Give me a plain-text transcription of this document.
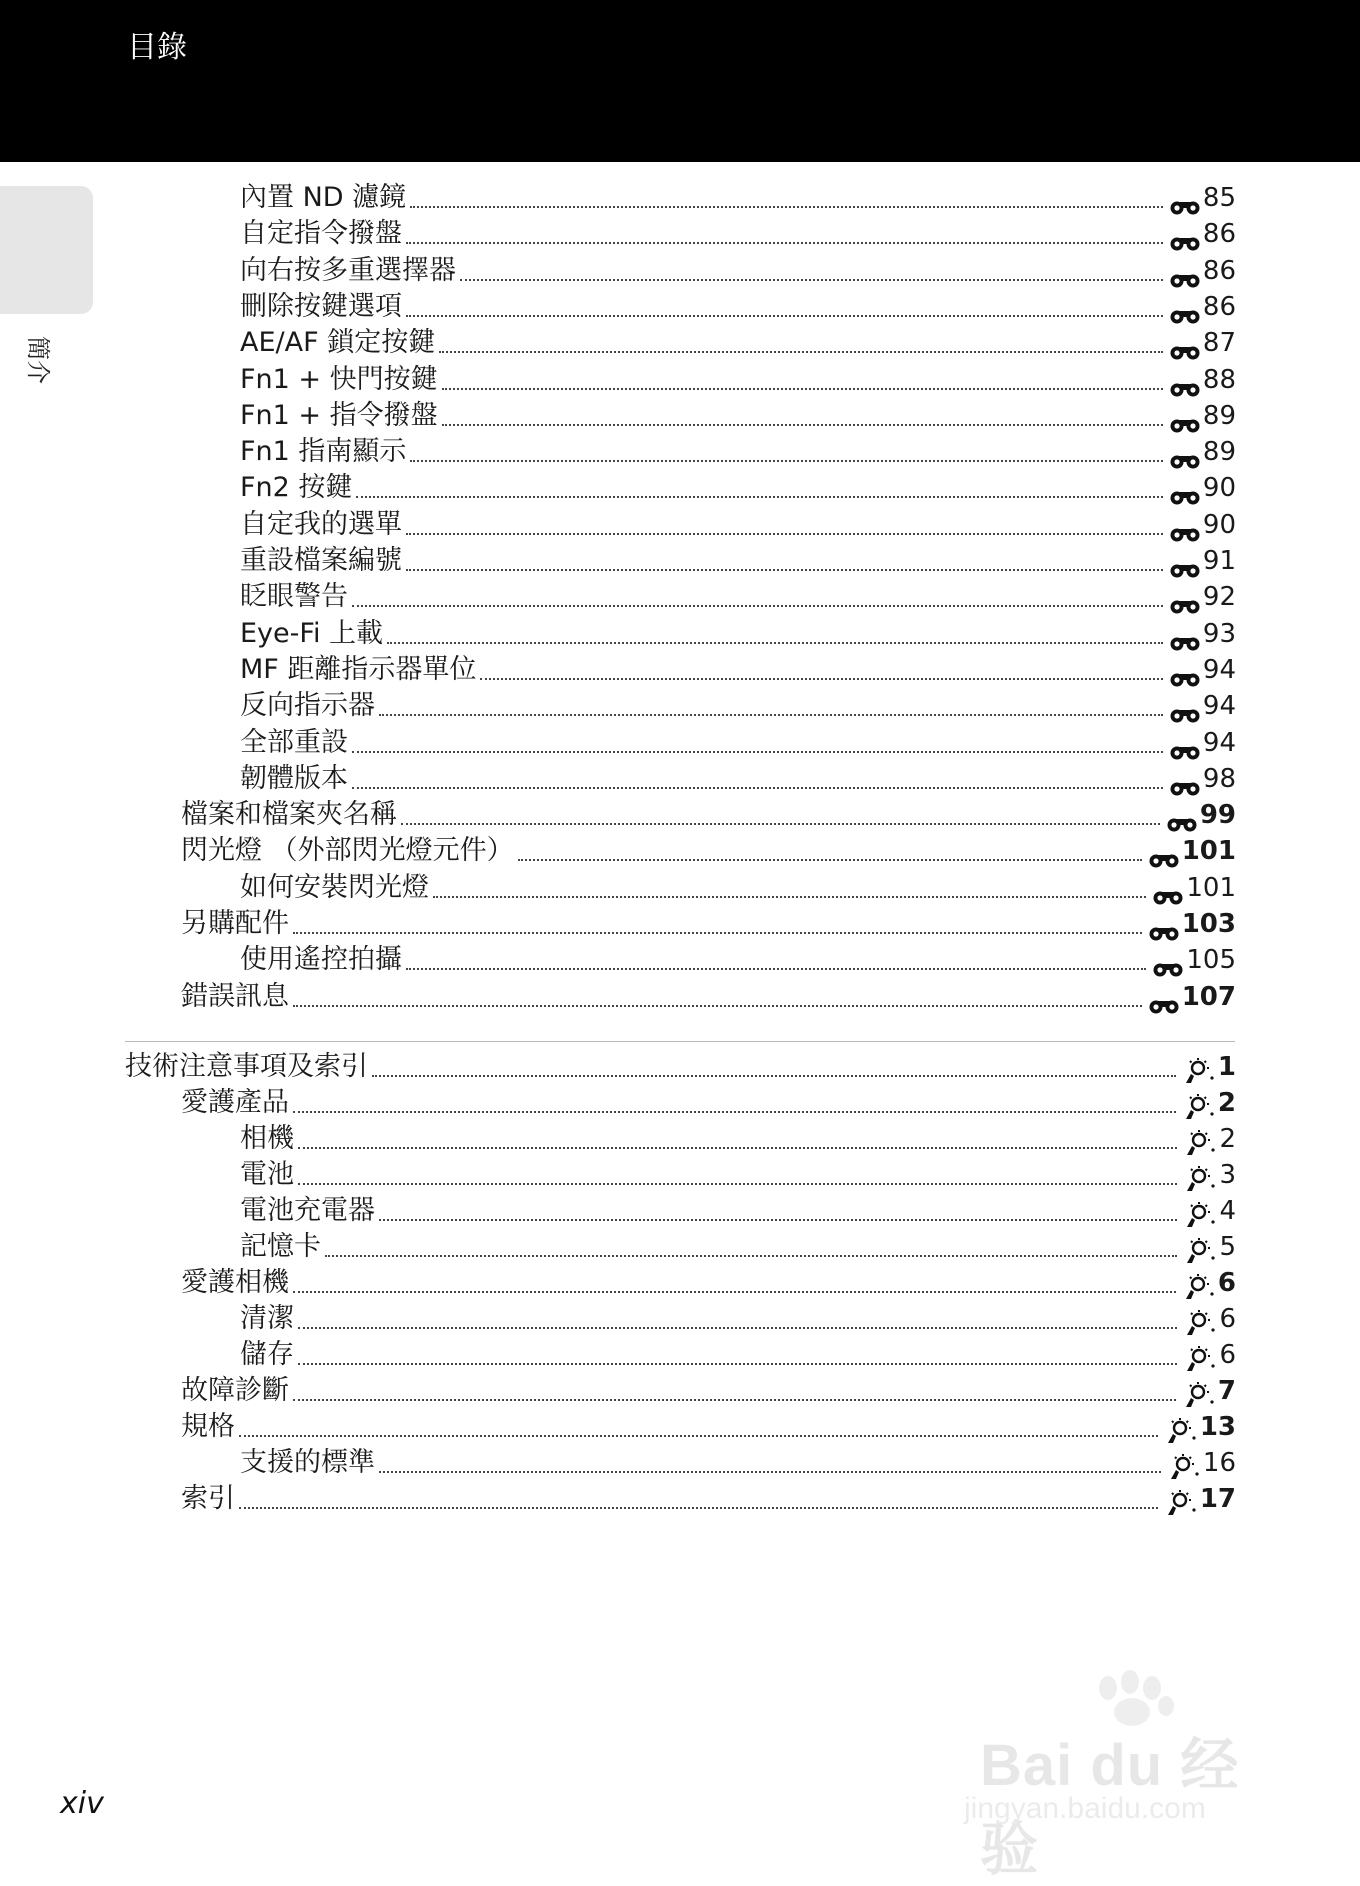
目錄
簡介
內置 ND 濾鏡	85
自定指令撥盤	86
向右按多重選擇器	86
刪除按鍵選項	86
AE/AF 鎖定按鍵	87
Fn1 + 快門按鍵	88
Fn1 + 指令撥盤	89
Fn1 指南顯示	89
Fn2 按鍵	90
自定我的選單	90
重設檔案編號	91
眨眼警告	92
Eye-Fi 上載	93
MF 距離指示器單位	94
反向指示器	94
全部重設	94
韌體版本	98
檔案和檔案夾名稱	99
閃光燈 （外部閃光燈元件）	101
如何安裝閃光燈	101
另購配件	103
使用遙控拍攝	105
錯誤訊息	107
技術注意事項及索引	1
愛護產品	2
相機	2
電池	3
電池充電器	4
記憶卡	5
愛護相機	6
清潔	6
儲存	6
故障診斷	7
規格	13
支援的標準	16
索引	17
xiv
Bai du 经验
jingyan.baidu.com
